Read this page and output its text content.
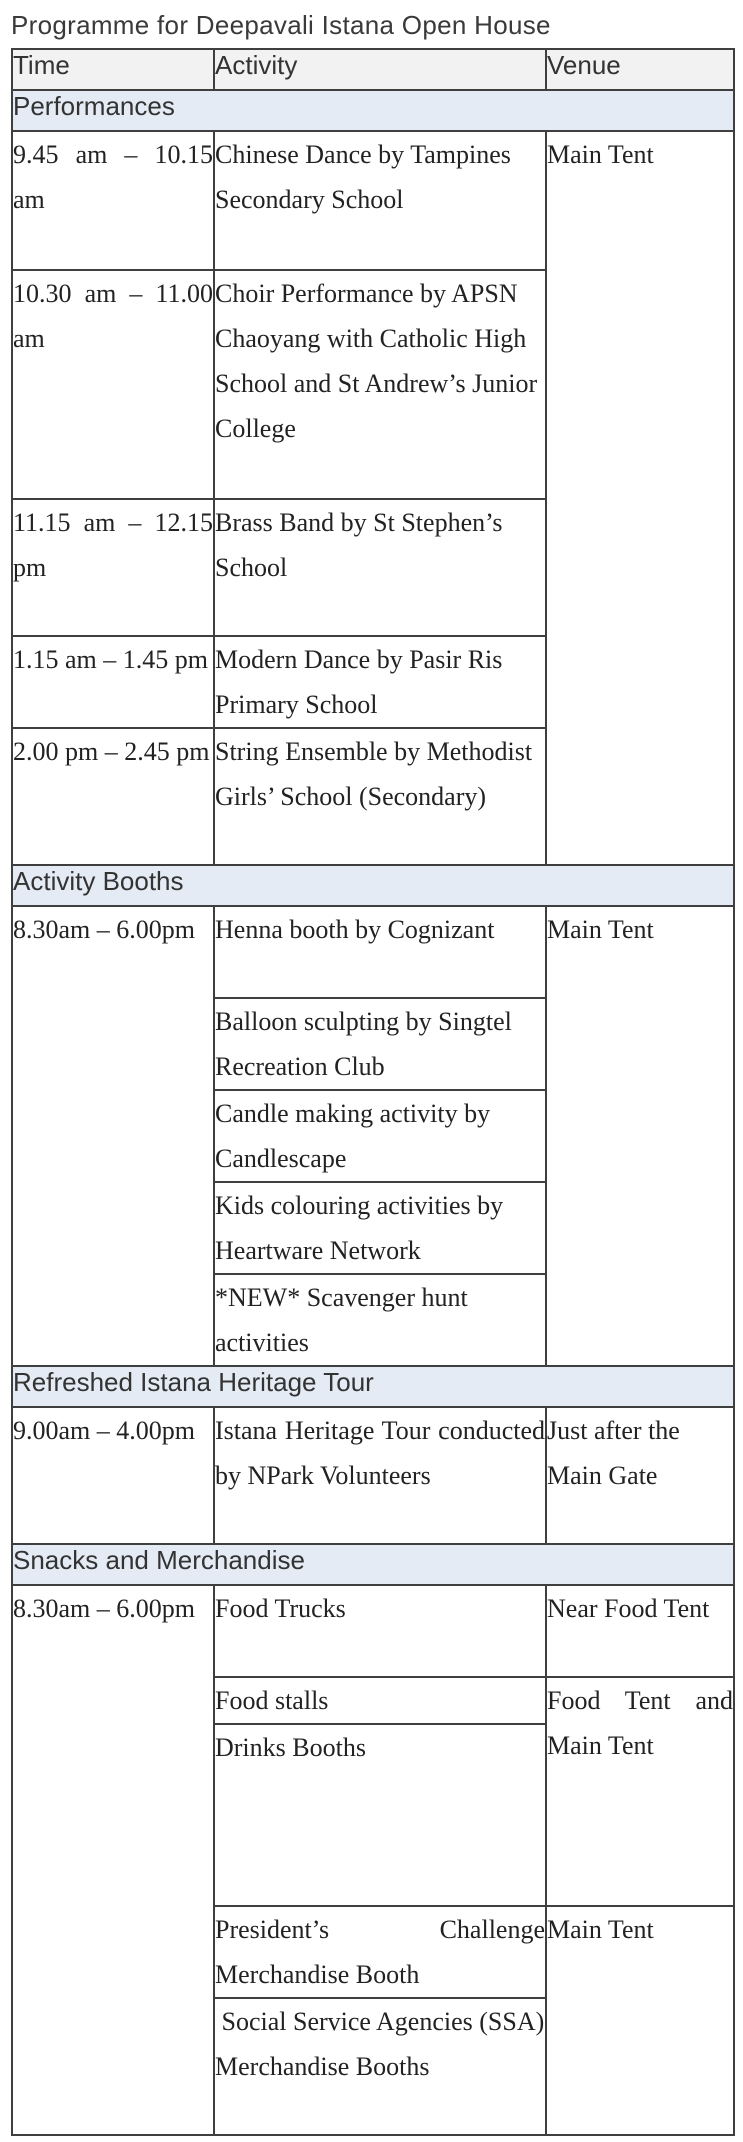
Programme for Deepavali Istana Open House
Time	Activity	Venue
Performances		
9.45 am – 10.15 am	Chinese Dance by Tampines Secondary School	Main Tent
10.30 am – 11.00 am	Choir Performance by APSN Chaoyang with Catholic High School and St Andrew’s Junior College	
11.15 am – 12.15 pm	Brass Band by St Stephen’s School	
1.15 am – 1.45 pm	Modern Dance by Pasir Ris Primary School	
2.00 pm – 2.45 pm	String Ensemble by Methodist Girls’ School (Secondary)	
Activity Booths		
8.30am – 6.00pm	Henna booth by Cognizant	Main Tent
	Balloon sculpting by Singtel Recreation Club	
	Candle making activity by Candlescape	
	Kids colouring activities by Heartware Network	
	*NEW* Scavenger hunt activities	
Refreshed Istana Heritage Tour		
9.00am – 4.00pm	Istana Heritage Tour conducted by NPark Volunteers	Just after the Main Gate
Snacks and Merchandise		
8.30am – 6.00pm	Food Trucks	Near Food Tent
	Food stalls	Food Tent and Main Tent
	Drinks Booths	
	President’s Challenge Merchandise Booth	Main Tent
	Social Service Agencies (SSA) Merchandise Booths	
